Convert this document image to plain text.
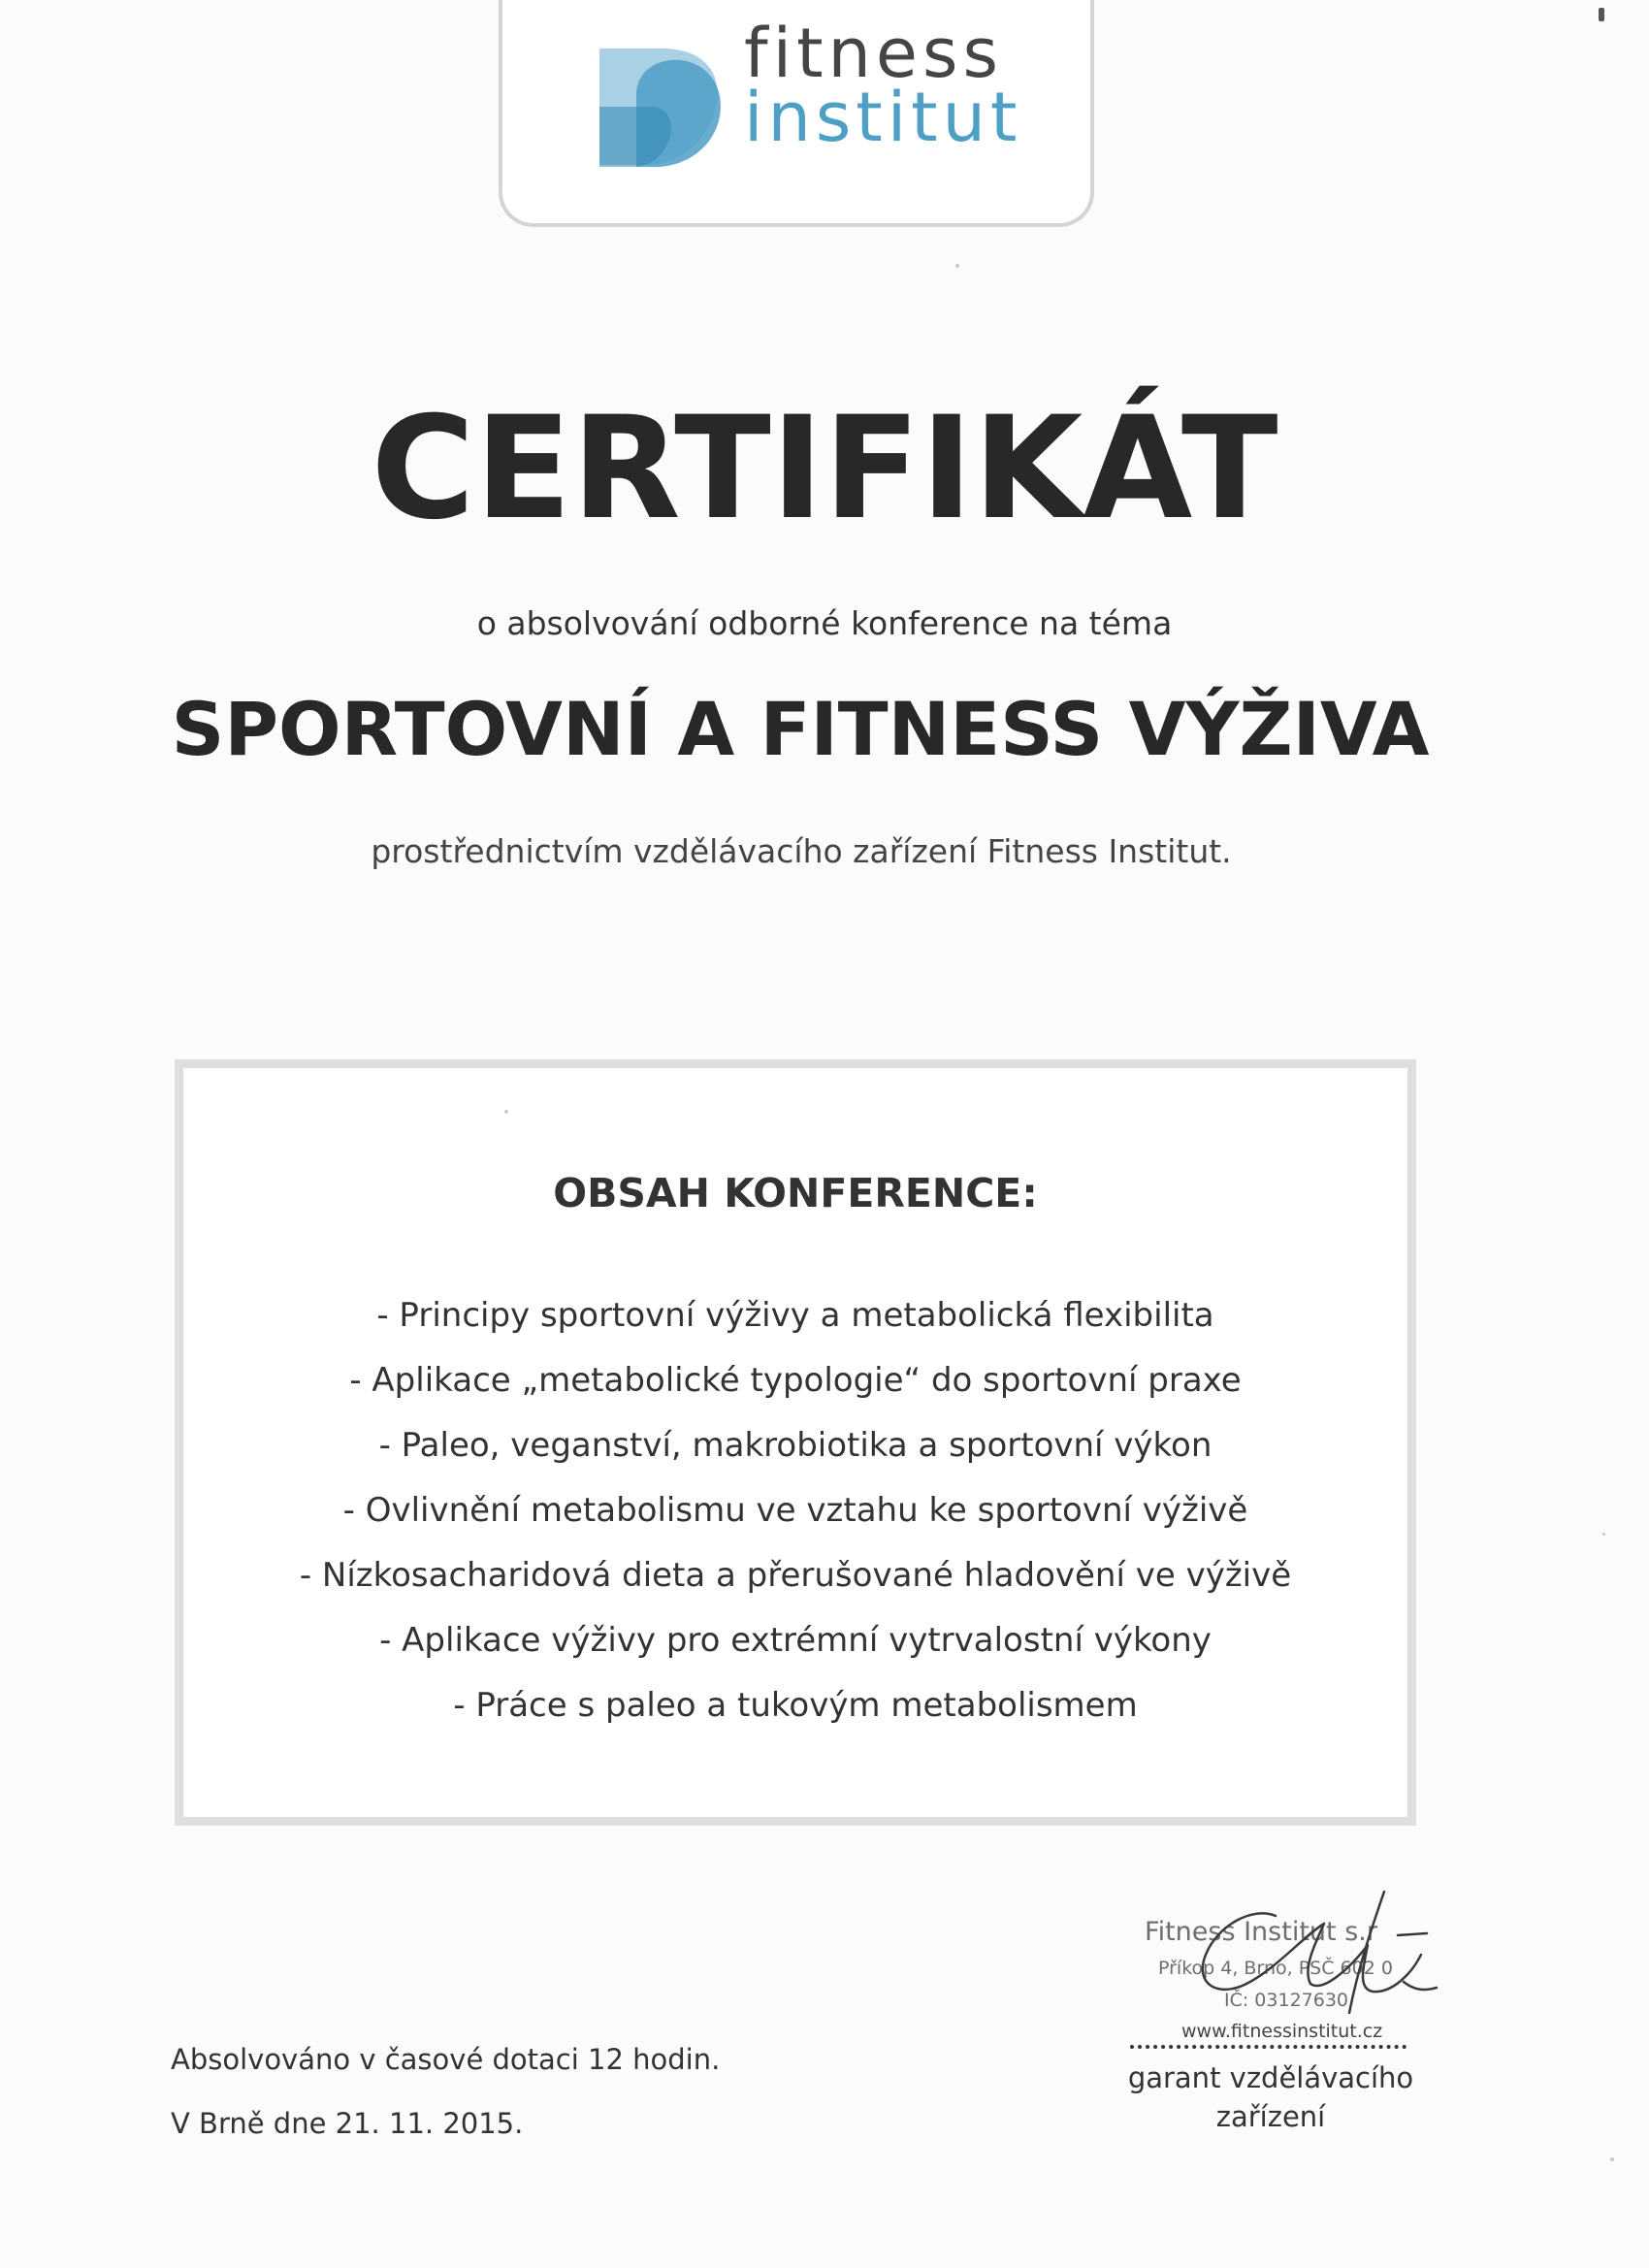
fitness
institut
CERTIFIKÁT
o absolvování odborné konference na téma
SPORTOVNÍ A FITNESS VÝŽIVA
prostřednictvím vzdělávacího zařízení Fitness Institut.
OBSAH KONFERENCE:
- Principy sportovní výživy a metabolická flexibilita
- Aplikace „metabolické typologie“ do sportovní praxe
- Paleo, veganství, makrobiotika a sportovní výkon
- Ovlivnění metabolismu ve vztahu ke sportovní výživě
- Nízkosacharidová dieta a přerušované hladovění ve výživě
- Aplikace výživy pro extrémní vytrvalostní výkony
- Práce s paleo a tukovým metabolismem
Absolvováno v časové dotaci 12 hodin.
V Brně dne 21. 11. 2015.
Fitness Institut s.r
Příkop 4, Brno, PSČ 602 0
IČ: 03127630
www.fitnessinstitut.cz
garant vzdělávacího
zařízení
